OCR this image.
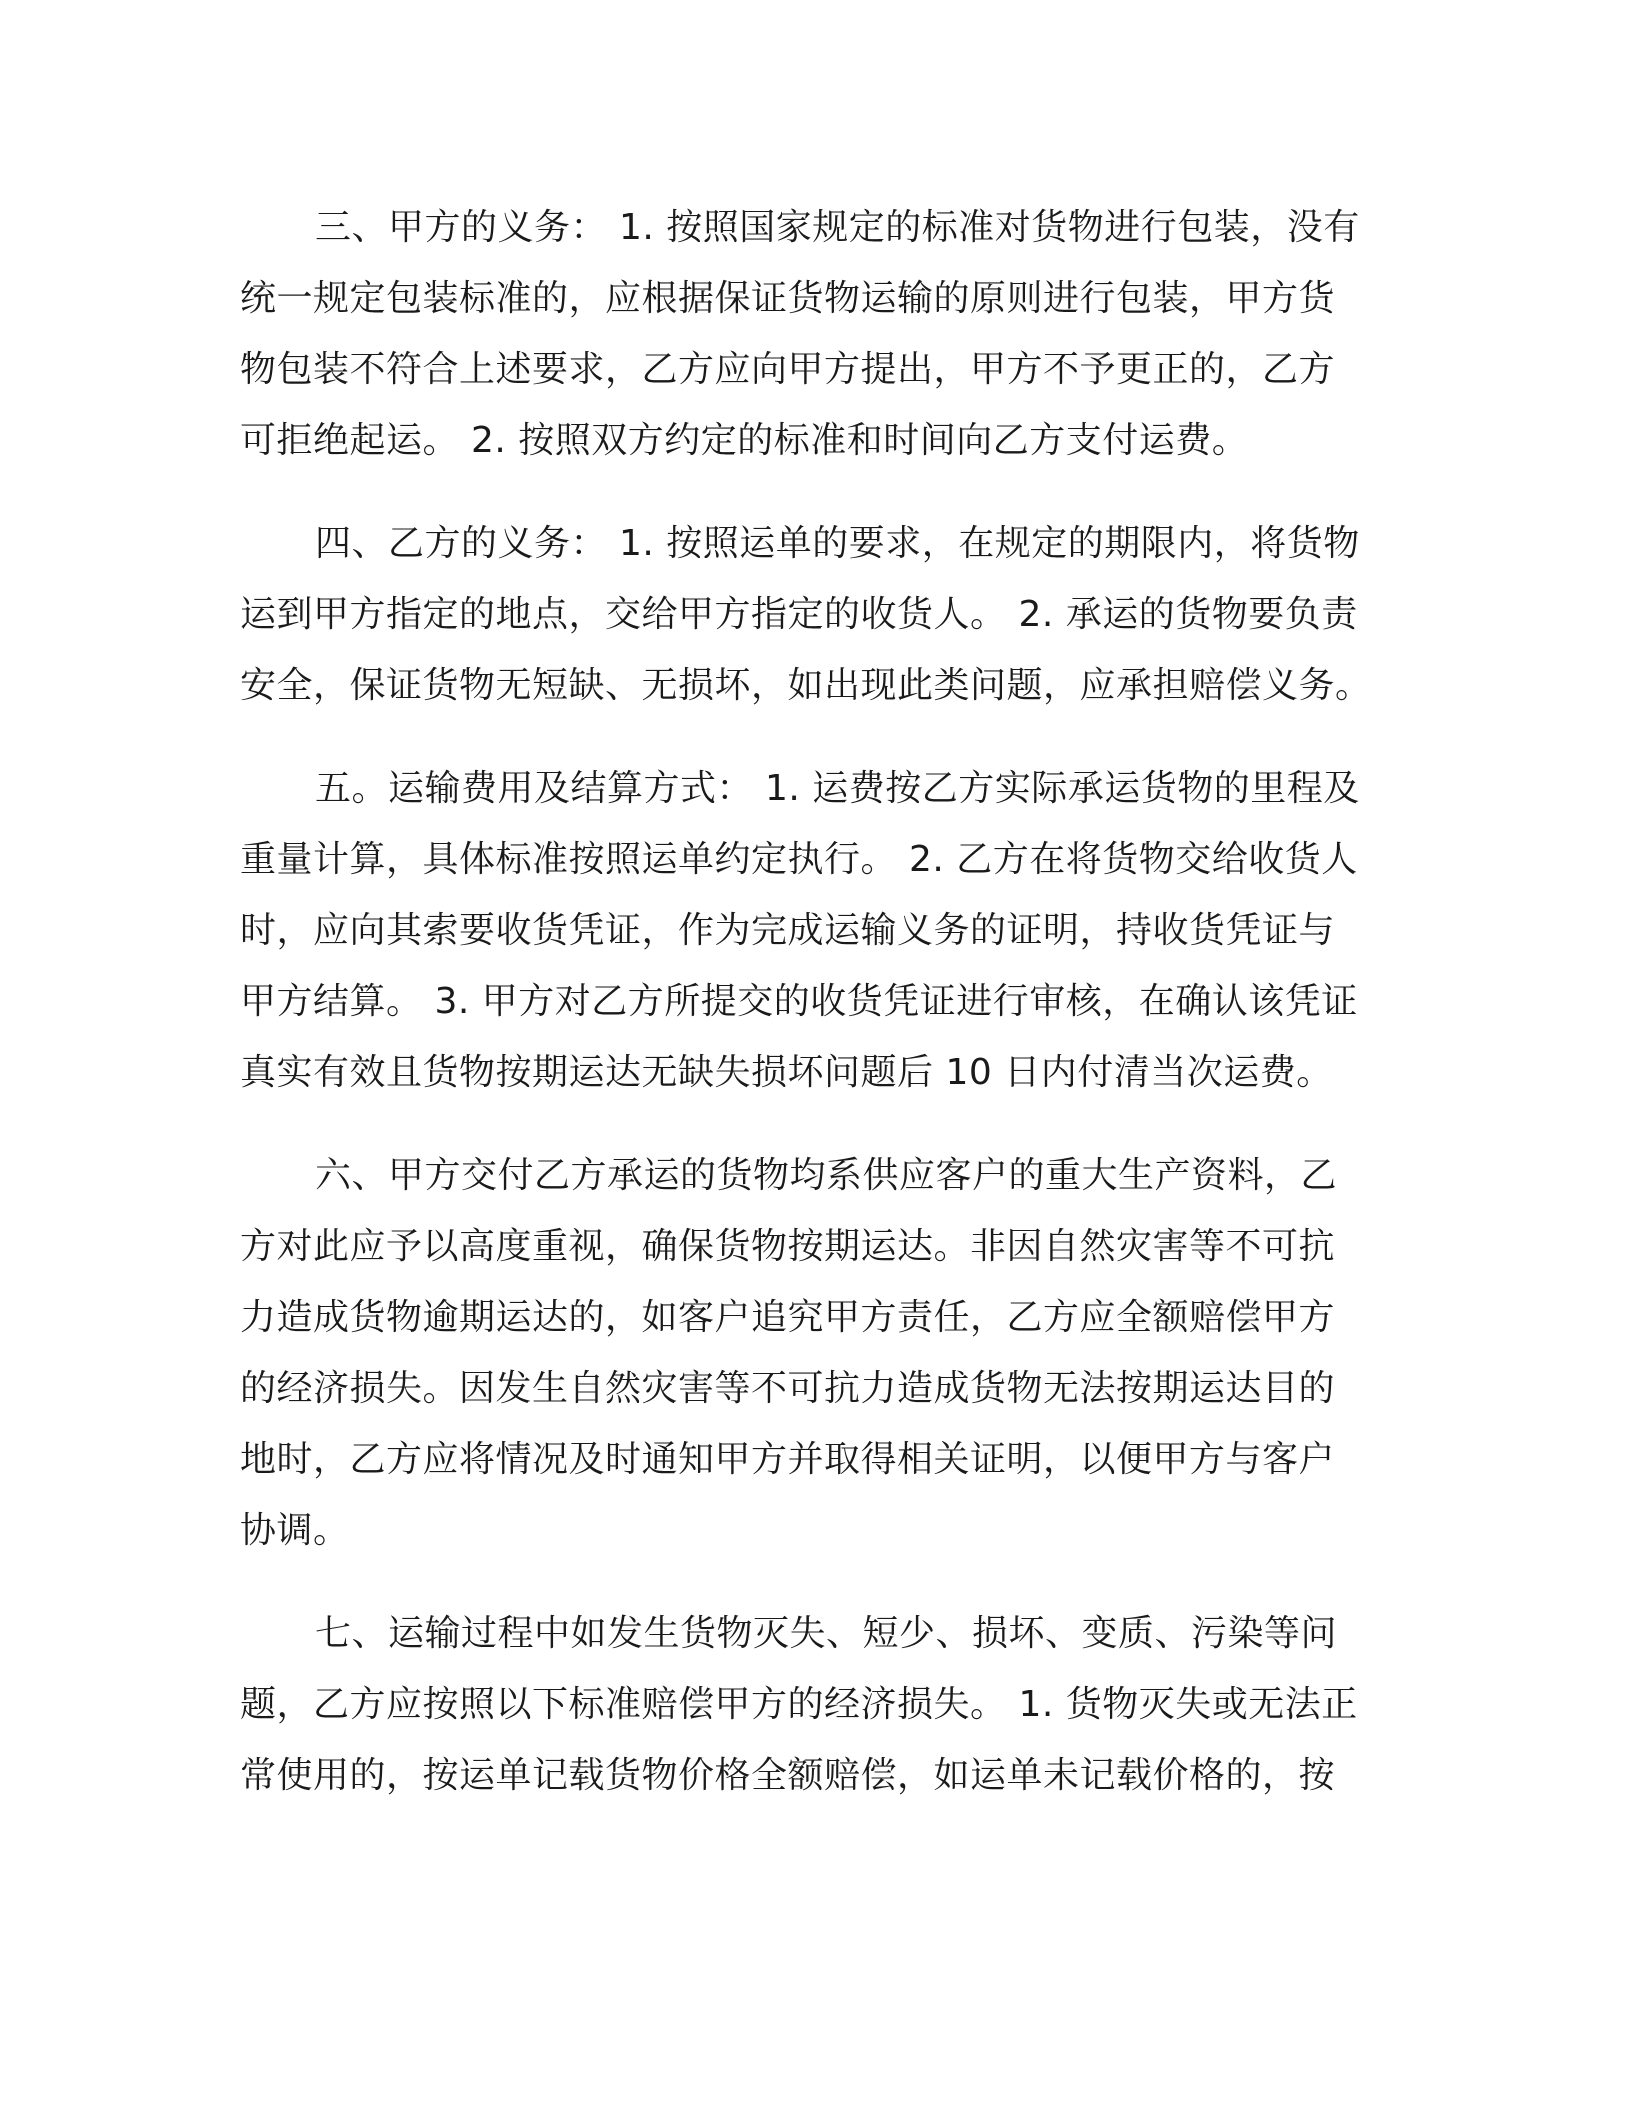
三、甲方的义务： 1. 按照国家规定的标准对货物进行包装，没有
统一规定包装标准的，应根据保证货物运输的原则进行包装，甲方货
物包装不符合上述要求，乙方应向甲方提出，甲方不予更正的，乙方
可拒绝起运。 2. 按照双方约定的标准和时间向乙方支付运费。
四、乙方的义务： 1. 按照运单的要求，在规定的期限内，将货物
运到甲方指定的地点，交给甲方指定的收货人。 2. 承运的货物要负责
安全，保证货物无短缺、无损坏，如出现此类问题，应承担赔偿义务。
五。运输费用及结算方式： 1. 运费按乙方实际承运货物的里程及
重量计算，具体标准按照运单约定执行。 2. 乙方在将货物交给收货人
时，应向其索要收货凭证，作为完成运输义务的证明，持收货凭证与
甲方结算。 3. 甲方对乙方所提交的收货凭证进行审核，在确认该凭证
真实有效且货物按期运达无缺失损坏问题后 10 日内付清当次运费。
六、甲方交付乙方承运的货物均系供应客户的重大生产资料，乙
方对此应予以高度重视，确保货物按期运达。非因自然灾害等不可抗
力造成货物逾期运达的，如客户追究甲方责任，乙方应全额赔偿甲方
的经济损失。因发生自然灾害等不可抗力造成货物无法按期运达目的
地时，乙方应将情况及时通知甲方并取得相关证明，以便甲方与客户
协调。
七、运输过程中如发生货物灭失、短少、损坏、变质、污染等问
题，乙方应按照以下标准赔偿甲方的经济损失。 1. 货物灭失或无法正
常使用的，按运单记载货物价格全额赔偿，如运单未记载价格的，按
